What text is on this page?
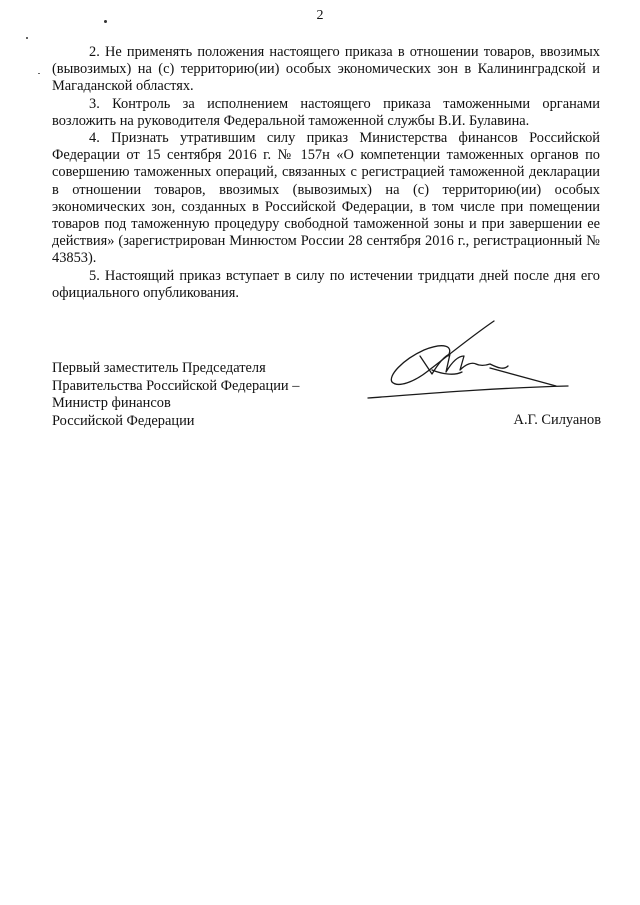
2

2. Не применять положения настоящего приказа в отношении товаров, ввозимых (вывозимых) на (с) территорию(ии) особых экономических зон в Калининградской и Магаданской областях.

3. Контроль за исполнением настоящего приказа таможенными органами возложить на руководителя Федеральной таможенной службы В.И. Булавина.

4. Признать утратившим силу приказ Министерства финансов Российской Федерации от 15 сентября 2016 г. № 157н «О компетенции таможенных органов по совершению таможенных операций, связанных с регистрацией таможенной декларации в отношении товаров, ввозимых (вывозимых) на (с) территорию(ии) особых экономических зон, созданных в Российской Федерации, в том числе при помещении товаров под таможенную процедуру свободной таможенной зоны и при завершении ее действия» (зарегистрирован Минюстом России 28 сентября 2016 г., регистрационный № 43853).

5. Настоящий приказ вступает в силу по истечении тридцати дней после дня его официального опубликования.

Первый заместитель Председателя
Правительства Российской Федерации –
Министр финансов
Российской Федерации	А.Г. Силуанов
